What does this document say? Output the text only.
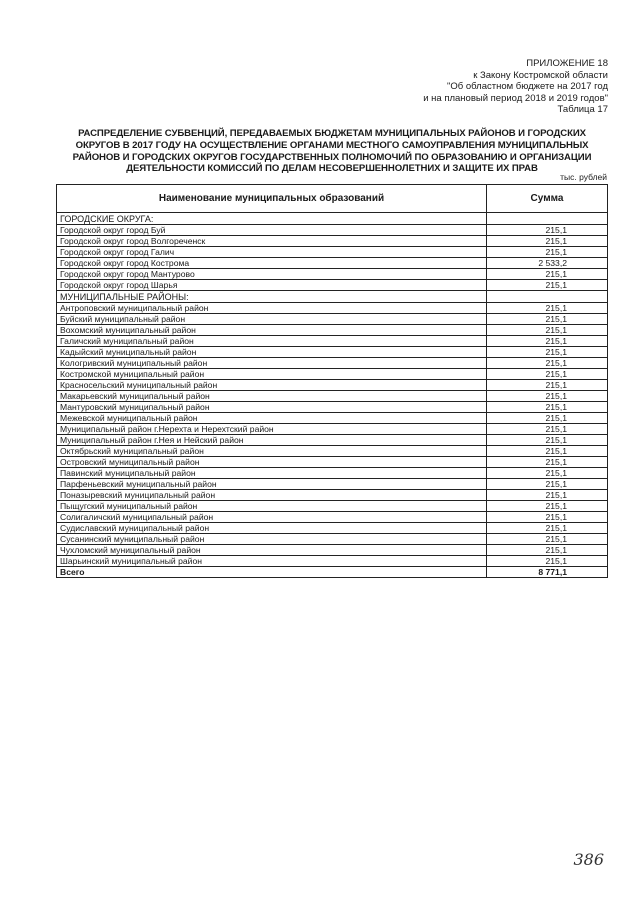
ПРИЛОЖЕНИЕ 18
к Закону Костромской области
"Об областном бюджете на 2017 год
и на плановый период 2018 и 2019 годов"
Таблица 17
РАСПРЕДЕЛЕНИЕ СУБВЕНЦИЙ, ПЕРЕДАВАЕМЫХ БЮДЖЕТАМ МУНИЦИПАЛЬНЫХ РАЙОНОВ И ГОРОДСКИХ ОКРУГОВ В 2017 ГОДУ НА ОСУЩЕСТВЛЕНИЕ ОРГАНАМИ МЕСТНОГО САМОУПРАВЛЕНИЯ МУНИЦИПАЛЬНЫХ РАЙОНОВ И ГОРОДСКИХ ОКРУГОВ ГОСУДАРСТВЕННЫХ ПОЛНОМОЧИЙ ПО ОБРАЗОВАНИЮ И ОРГАНИЗАЦИИ ДЕЯТЕЛЬНОСТИ КОМИССИЙ ПО ДЕЛАМ НЕСОВЕРШЕННОЛЕТНИХ И ЗАЩИТЕ ИХ ПРАВ
тыс. рублей
Наименование муниципальных образований	Сумма
ГОРОДСКИЕ ОКРУГА:	
Городской округ город Буй	215,1
Городской округ город Волгореченск	215,1
Городской округ город Галич	215,1
Городской округ город Кострома	2 533,2
Городской округ город Мантурово	215,1
Городской округ город Шарья	215,1
МУНИЦИПАЛЬНЫЕ РАЙОНЫ:	
Антроповский муниципальный район	215,1
Буйский муниципальный район	215,1
Вохомский муниципальный район	215,1
Галичский муниципальный район	215,1
Кадыйский муниципальный район	215,1
Кологривский муниципальный район	215,1
Костромской муниципальный район	215,1
Красносельский муниципальный район	215,1
Макарьевский муниципальный район	215,1
Мантуровский муниципальный район	215,1
Межевской муниципальный район	215,1
Муниципальный район г.Нерехта и Нерехтский район	215,1
Муниципальный район г.Нея и Нейский район	215,1
Октябрьский муниципальный район	215,1
Островский муниципальный район	215,1
Павинский муниципальный район	215,1
Парфеньевский муниципальный район	215,1
Поназыревский муниципальный район	215,1
Пыщугский муниципальный район	215,1
Солигаличский муниципальный район	215,1
Судиславский муниципальный район	215,1
Сусанинский муниципальный район	215,1
Чухломский муниципальный район	215,1
Шарьинский муниципальный район	215,1
Всего	8 771,1
386
